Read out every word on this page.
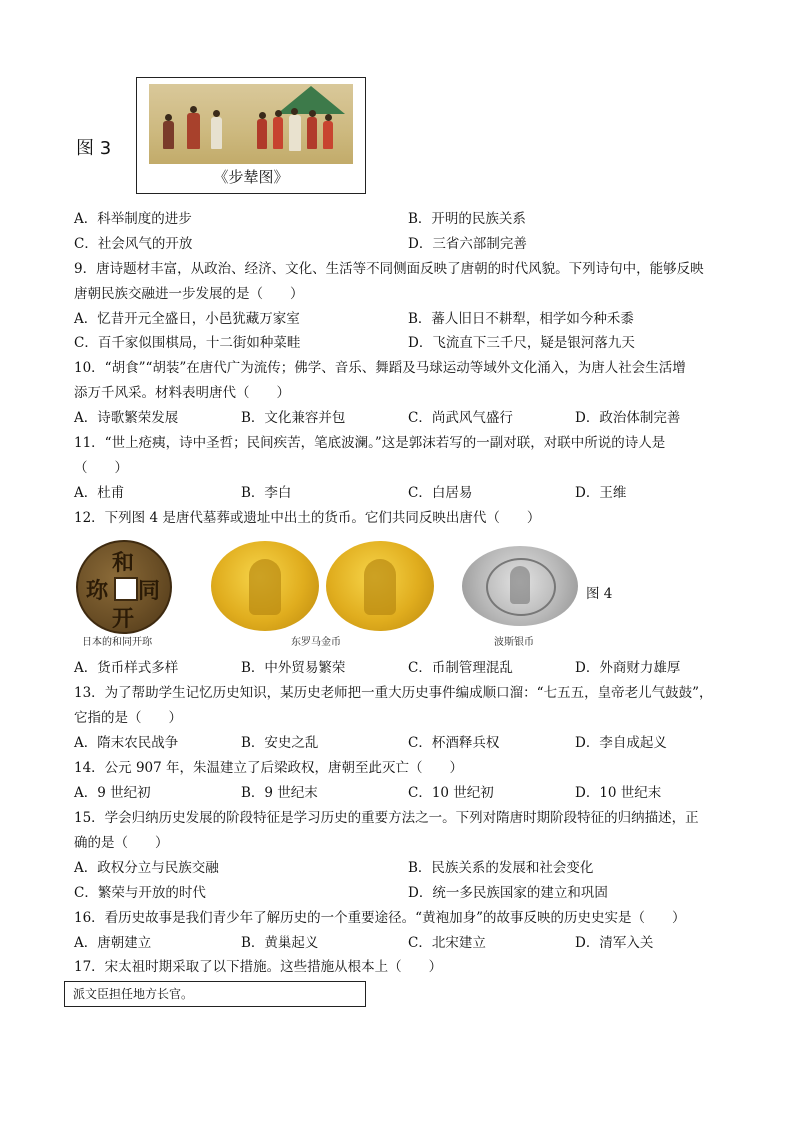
图 3
《步辇图》
A．科举制度的进步	B．开明的民族关系
C．社会风气的开放	D．三省六部制完善
9．唐诗题材丰富，从政治、经济、文化、生活等不同侧面反映了唐朝的时代风貌。下列诗句中，能够反映
唐朝民族交融进一步发展的是（　　）
A．忆昔开元全盛日，小邑犹藏万家室	B．蕃人旧日不耕犁，相学如今种禾黍
C．百千家似围棋局，十二街如种菜畦	D．飞流直下三千尺，疑是银河落九天
10．“胡食”“胡装”在唐代广为流传；佛学、音乐、舞蹈及马球运动等域外文化涌入，为唐人社会生活增
添万千风采。材料表明唐代（　　）
A．诗歌繁荣发展	B．文化兼容并包	C．尚武风气盛行	D．政治体制完善
11．“世上疮痍，诗中圣哲；民间疾苦，笔底波澜。”这是郭沫若写的一副对联，对联中所说的诗人是
（　　）
A．杜甫	B．李白	C．白居易	D．王维
12．下列图 4 是唐代墓葬或遗址中出土的货币。它们共同反映出唐代（　　）
和
同
开
珎
日本的和同开珎	东罗马金币	波斯银币
图 4
A．货币样式多样	B．中外贸易繁荣	C．币制管理混乱	D．外商财力雄厚
13．为了帮助学生记忆历史知识，某历史老师把一重大历史事件编成顺口溜：“七五五，皇帝老儿气鼓鼓”，
它指的是（　　）
A．隋末农民战争	B．安史之乱	C．杯酒释兵权	D．李自成起义
14．公元 907 年，朱温建立了后梁政权，唐朝至此灭亡（　　）
A．9 世纪初	B．9 世纪末	C．10 世纪初	D．10 世纪末
15．学会归纳历史发展的阶段特征是学习历史的重要方法之一。下列对隋唐时期阶段特征的归纳描述，正
确的是（　　）
A．政权分立与民族交融	B．民族关系的发展和社会变化
C．繁荣与开放的时代	D．统一多民族国家的建立和巩固
16．看历史故事是我们青少年了解历史的一个重要途径。“黄袍加身”的故事反映的历史史实是（　　）
A．唐朝建立	B．黄巢起义	C．北宋建立	D．清军入关
17．宋太祖时期采取了以下措施。这些措施从根本上（　　）
派文臣担任地方长官。
